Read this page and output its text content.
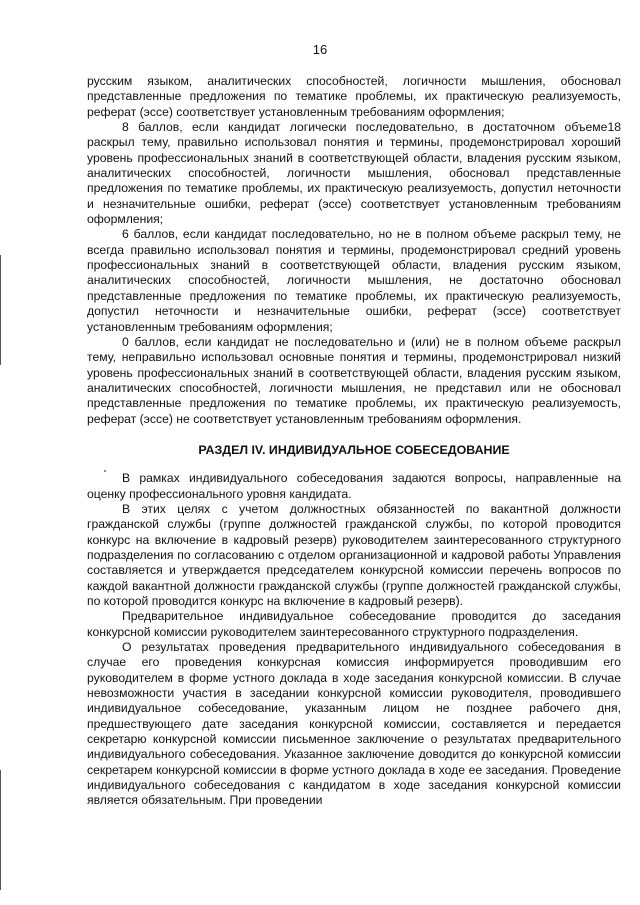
16

русским языком, аналитических способностей, логичности мышления, обосновал представленные предложения по тематике проблемы, их практическую реализуемость, реферат (эссе) соответствует установленным требованиям оформления;

8 баллов, если кандидат логически последовательно, в достаточном объеме18 раскрыл тему, правильно использовал понятия и термины, продемонстрировал хороший уровень профессиональных знаний в соответствующей области, владения русским языком, аналитических способностей, логичности мышления, обосновал представленные предложения по тематике проблемы, их практическую реализуемость, допустил неточности и незначительные ошибки, реферат (эссе) соответствует установленным требованиям оформления;

6 баллов, если кандидат последовательно, но не в полном объеме раскрыл тему, не всегда правильно использовал понятия и термины, продемонстрировал средний уровень профессиональных знаний в соответствующей области, владения русским языком, аналитических способностей, логичности мышления, не достаточно обосновал представленные предложения по тематике проблемы, их практическую реализуемость, допустил неточности и незначительные ошибки, реферат (эссе) соответствует установленным требованиям оформления;

0 баллов, если кандидат не последовательно и (или) не в полном объеме раскрыл тему, неправильно использовал основные понятия и термины, продемонстрировал низкий уровень профессиональных знаний в соответствующей области, владения русским языком, аналитических способностей, логичности мышления, не представил или не обосновал представленные предложения по тематике проблемы, их практическую реализуемость, реферат (эссе) не соответствует установленным требованиям оформления.

РАЗДЕЛ IV. ИНДИВИДУАЛЬНОЕ СОБЕСЕДОВАНИЕ

В рамках индивидуального собеседования задаются вопросы, направленные на оценку профессионального уровня кандидата.

В этих целях с учетом должностных обязанностей по вакантной должности гражданской службы (группе должностей гражданской службы, по которой проводится конкурс на включение в кадровый резерв) руководителем заинтересованного структурного подразделения по согласованию с отделом организационной и кадровой работы Управления составляется и утверждается председателем конкурсной комиссии перечень вопросов по каждой вакантной должности гражданской службы (группе должностей гражданской службы, по которой проводится конкурс на включение в кадровый резерв).

Предварительное индивидуальное собеседование проводится до заседания конкурсной комиссии руководителем заинтересованного структурного подразделения.

О результатах проведения предварительного индивидуального собеседования в случае его проведения конкурсная комиссия информируется проводившим его руководителем в форме устного доклада в ходе заседания конкурсной комиссии. В случае невозможности участия в заседании конкурсной комиссии руководителя, проводившего индивидуальное собеседование, указанным лицом не позднее рабочего дня, предшествующего дате заседания конкурсной комиссии, составляется и передается секретарю конкурсной комиссии письменное заключение о результатах предварительного индивидуального собеседования. Указанное заключение доводится до конкурсной комиссии секретарем конкурсной комиссии в форме устного доклада в ходе ее заседания. Проведение индивидуального собеседования с кандидатом в ходе заседания конкурсной комиссии является обязательным. При проведении
